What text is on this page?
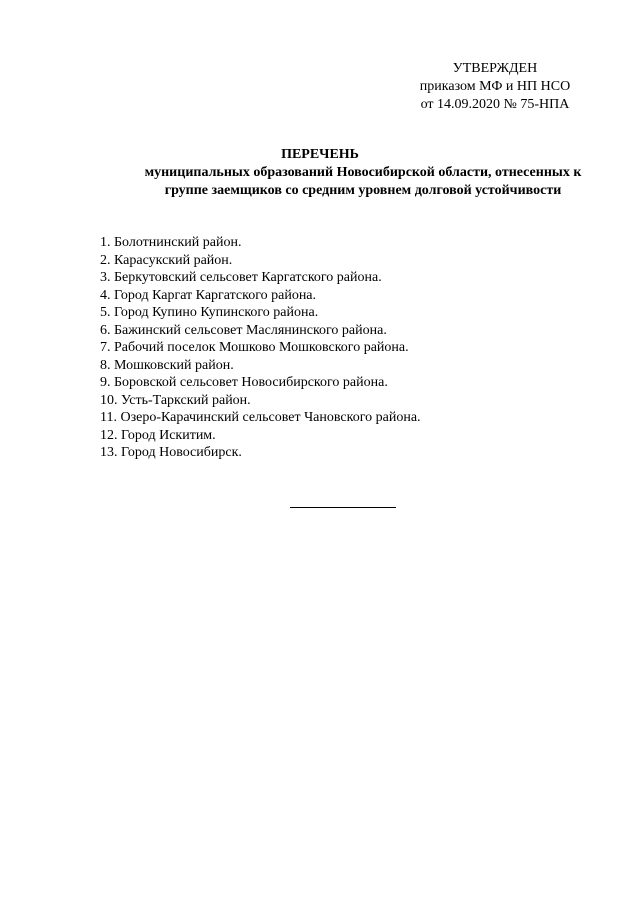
УТВЕРЖДЕН
приказом МФ и НП НСО
от 14.09.2020 № 75-НПА
ПЕРЕЧЕНЬ
муниципальных образований Новосибирской области, отнесенных к
группе заемщиков со средним уровнем долговой устойчивости
1. Болотнинский район.
2. Карасукский район.
3. Беркутовский сельсовет Каргатского района.
4. Город Каргат Каргатского района.
5. Город Купино Купинского района.
6. Бажинский сельсовет Маслянинского района.
7. Рабочий поселок Мошково Мошковского района.
8. Мошковский район.
9. Боровской сельсовет Новосибирского района.
10. Усть-Таркский район.
11. Озеро-Карачинский сельсовет Чановского района.
12. Город Искитим.
13. Город Новосибирск.
